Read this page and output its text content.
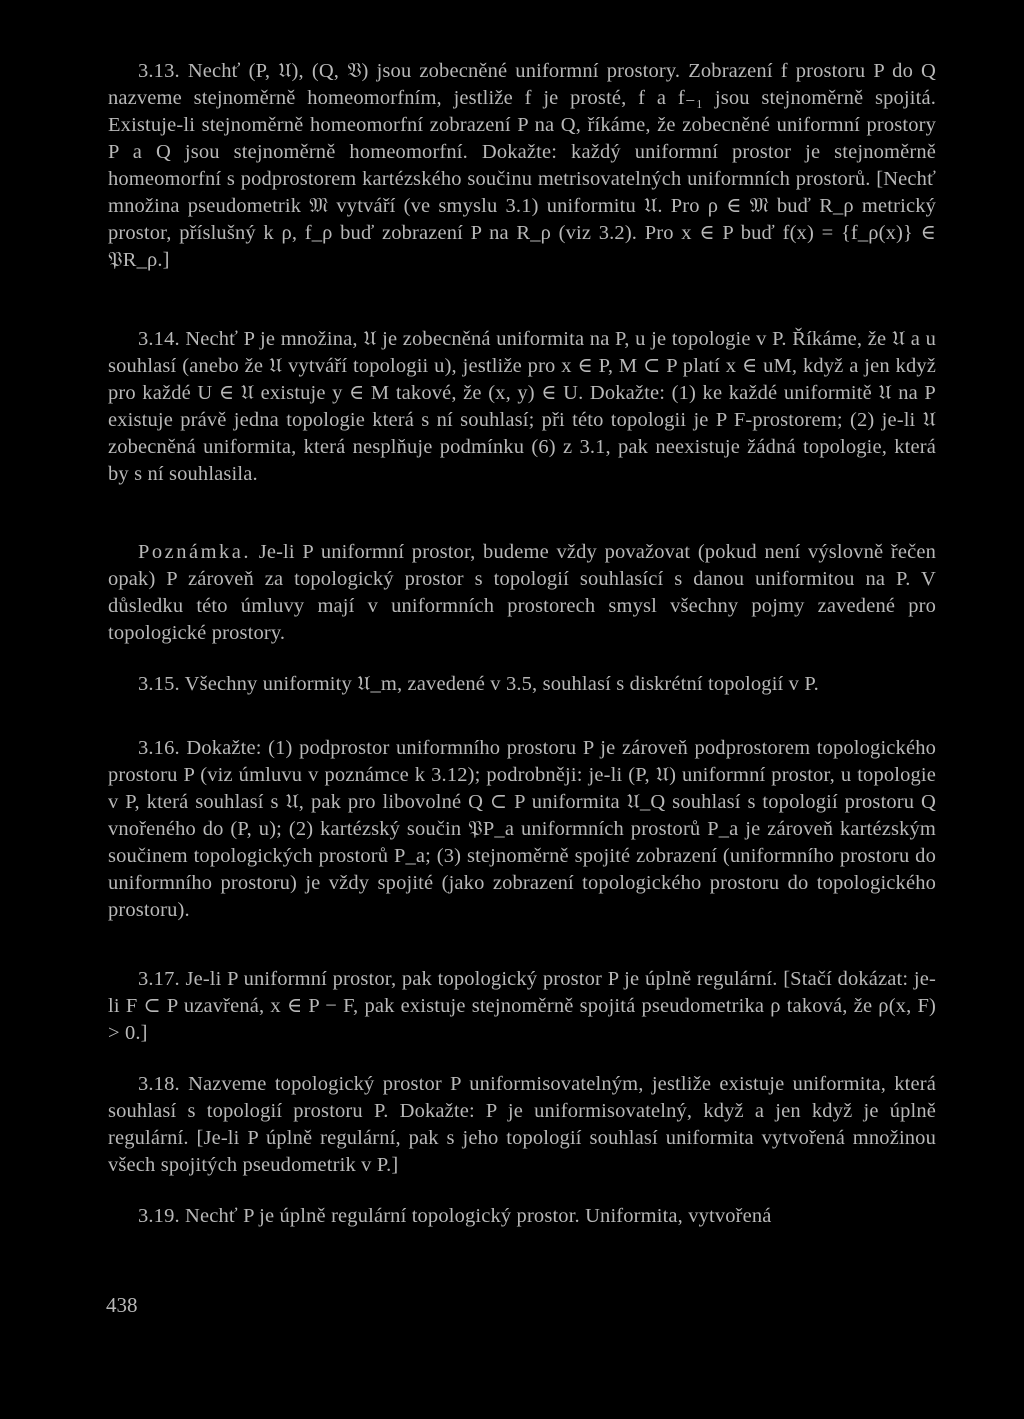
3.13. Nechť (P, 𝔘), (Q, 𝔙) jsou zobecněné uniformní prostory. Zobrazení f prostoru P do Q nazveme stejnoměrně homeomorfním, jestliže f je prosté, f a f₋₁ jsou stejnoměrně spojitá. Existuje-li stejnoměrně homeomorfní zobrazení P na Q, říkáme, že zobecněné uniformní prostory P a Q jsou stejnoměrně homeomorfní. Dokažte: každý uniformní prostor je stejnoměrně homeomorfní s podprostorem kartézského součinu metrisovatelných uniformních prostorů. [Nechť množina pseudometrik 𝔐 vytváří (ve smyslu 3.1) uniformitu 𝔘. Pro ρ ∈ 𝔐 buď R_ρ metrický prostor, příslušný k ρ, f_ρ buď zobrazení P na R_ρ (viz 3.2). Pro x ∈ P buď f(x) = {f_ρ(x)} ∈ 𝔓R_ρ.]
3.14. Nechť P je množina, 𝔘 je zobecněná uniformita na P, u je topologie v P. Říkáme, že 𝔘 a u souhlasí (anebo že 𝔘 vytváří topologii u), jestliže pro x ∈ P, M ⊂ P platí x ∈ uM, když a jen když pro každé U ∈ 𝔘 existuje y ∈ M takové, že (x, y) ∈ U. Dokažte: (1) ke každé uniformitě 𝔘 na P existuje právě jedna topologie která s ní souhlasí; při této topologii je P F-prostorem; (2) je-li 𝔘 zobecněná uniformita, která nesplňuje podmínku (6) z 3.1, pak neexistuje žádná topologie, která by s ní souhlasila.
Poznámka. Je-li P uniformní prostor, budeme vždy považovat (pokud není výslovně řečen opak) P zároveň za topologický prostor s topologií souhlasící s danou uniformitou na P. V důsledku této úmluvy mají v uniformních prostorech smysl všechny pojmy zavedené pro topologické prostory.
3.15. Všechny uniformity 𝔘_m, zavedené v 3.5, souhlasí s diskrétní topologií v P.
3.16. Dokažte: (1) podprostor uniformního prostoru P je zároveň podprostorem topologického prostoru P (viz úmluvu v poznámce k 3.12); podrobněji: je-li (P, 𝔘) uniformní prostor, u topologie v P, která souhlasí s 𝔘, pak pro libovolné Q ⊂ P uniformita 𝔘_Q souhlasí s topologií prostoru Q vnořeného do (P, u); (2) kartézský součin 𝔓P_a uniformních prostorů P_a je zároveň kartézským součinem topologických prostorů P_a; (3) stejnoměrně spojité zobrazení (uniformního prostoru do uniformního prostoru) je vždy spojité (jako zobrazení topologického prostoru do topologického prostoru).
3.17. Je-li P uniformní prostor, pak topologický prostor P je úplně regulární. [Stačí dokázat: je-li F ⊂ P uzavřená, x ∈ P − F, pak existuje stejnoměrně spojitá pseudometrika ρ taková, že ρ(x, F) > 0.]
3.18. Nazveme topologický prostor P uniformisovatelným, jestliže existuje uniformita, která souhlasí s topologií prostoru P. Dokažte: P je uniformisovatelný, když a jen když je úplně regulární. [Je-li P úplně regulární, pak s jeho topologií souhlasí uniformita vytvořená množinou všech spojitých pseudometrik v P.]
3.19. Nechť P je úplně regulární topologický prostor. Uniformita, vytvořená
438
